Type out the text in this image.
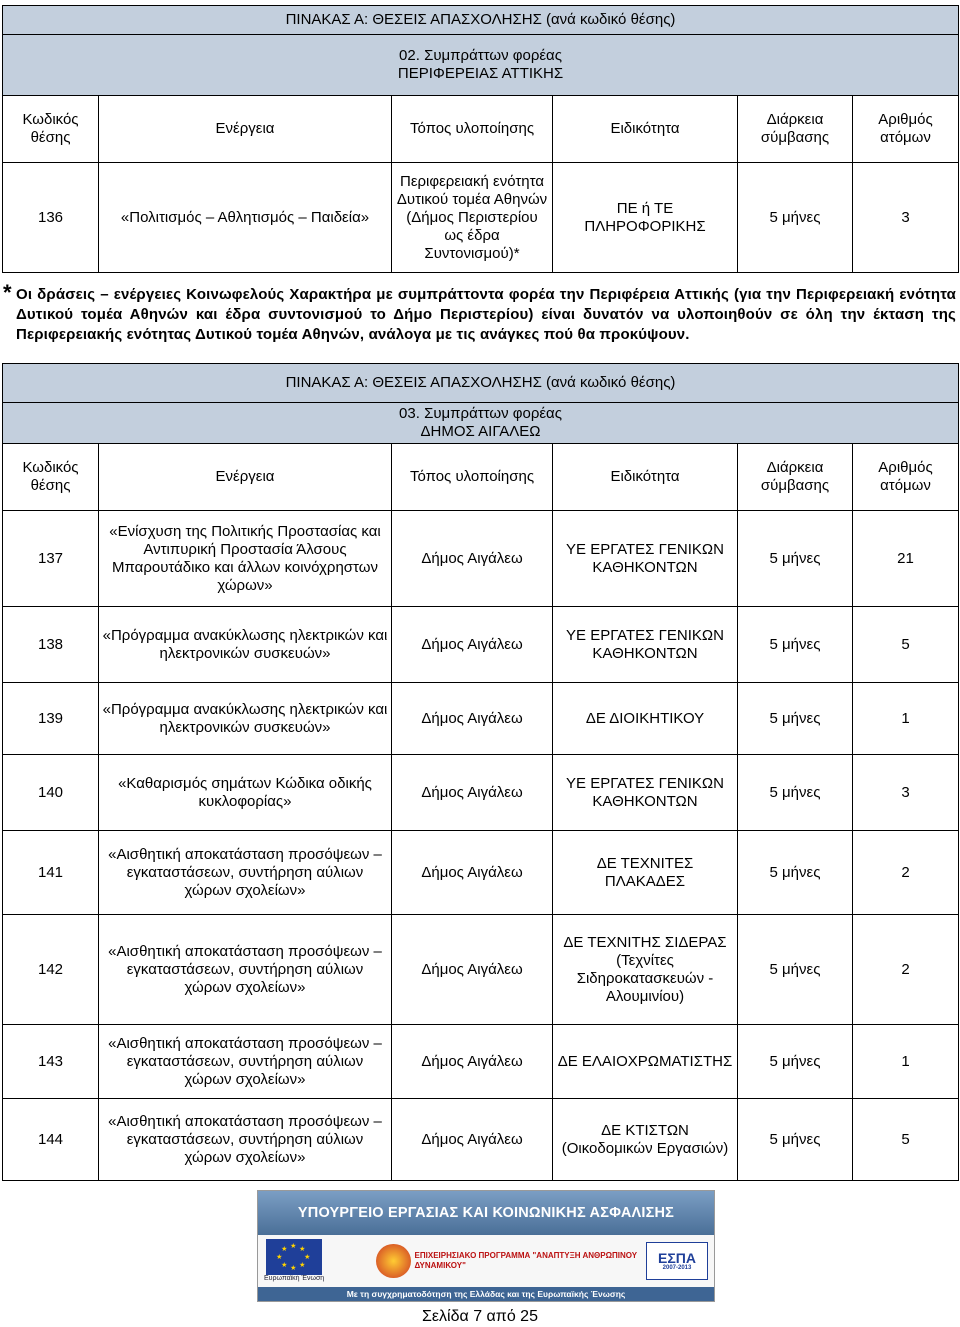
ΠΙΝΑΚΑΣ Α: ΘΕΣΕΙΣ ΑΠΑΣΧΟΛΗΣΗΣ (ανά κωδικό θέσης)					

02. Συμπράττων φορέας
ΠΕΡΙΦΕΡΕΙΑΣ ΑΤΤΙΚΗΣ					

Κωδικός θέσης	Ενέργεια	Τόπος υλοποίησης	Ειδικότητα	Διάρκεια σύμβασης	Αριθμός ατόμων
136	«Πολιτισμός – Αθλητισμός – Παιδεία»	Περιφερειακή ενότητα Δυτικού τομέα Αθηνών (Δήμος Περιστερίου ως έδρα Συντονισμού)*	ΠΕ ή ΤΕ ΠΛΗΡΟΦΟΡΙΚΗΣ	5 μήνες	3
* Οι δράσεις – ενέργειες Κοινωφελούς Χαρακτήρα με συμπράττοντα φορέα την Περιφέρεια Αττικής (για την Περιφερειακή ενότητα Δυτικού τομέα Αθηνών και έδρα συντονισμού το Δήμο Περιστερίου) είναι δυνατόν να υλοποιηθούν σε όλη την έκταση της Περιφερειακής ενότητας Δυτικού τομέα Αθηνών, ανάλογα με τις ανάγκες πού θα προκύψουν.
ΠΙΝΑΚΑΣ Α: ΘΕΣΕΙΣ ΑΠΑΣΧΟΛΗΣΗΣ (ανά κωδικό θέσης)					

03. Συμπράττων φορέας
ΔΗΜΟΣ ΑΙΓΑΛΕΩ					

Κωδικός θέσης	Ενέργεια	Τόπος υλοποίησης	Ειδικότητα	Διάρκεια σύμβασης	Αριθμός ατόμων
137	«Ενίσχυση της Πολιτικής Προστασίας και Αντιπυρική Προστασία Άλσους Μπαρουτάδικο και άλλων κοινόχρηστων χώρων»	Δήμος Αιγάλεω	ΥΕ ΕΡΓΑΤΕΣ ΓΕΝΙΚΩΝ ΚΑΘΗΚΟΝΤΩΝ	5 μήνες	21
138	«Πρόγραμμα ανακύκλωσης ηλεκτρικών και ηλεκτρονικών συσκευών»	Δήμος Αιγάλεω	ΥΕ ΕΡΓΑΤΕΣ ΓΕΝΙΚΩΝ ΚΑΘΗΚΟΝΤΩΝ	5 μήνες	5
139	«Πρόγραμμα ανακύκλωσης ηλεκτρικών και ηλεκτρονικών συσκευών»	Δήμος Αιγάλεω	ΔΕ ΔΙΟΙΚΗΤΙΚΟΥ	5 μήνες	1
140	«Καθαρισμός σημάτων Κώδικα οδικής κυκλοφορίας»	Δήμος Αιγάλεω	ΥΕ ΕΡΓΑΤΕΣ ΓΕΝΙΚΩΝ ΚΑΘΗΚΟΝΤΩΝ	5 μήνες	3
141	«Αισθητική αποκατάσταση προσόψεων – εγκαταστάσεων, συντήρηση αύλιων χώρων σχολείων»	Δήμος Αιγάλεω	ΔΕ ΤΕΧΝΙΤΕΣ ΠΛΑΚΑΔΕΣ	5 μήνες	2
142	«Αισθητική αποκατάσταση προσόψεων – εγκαταστάσεων, συντήρηση αύλιων χώρων σχολείων»	Δήμος Αιγάλεω	ΔΕ ΤΕΧΝΙΤΗΣ ΣΙΔΕΡΑΣ (Τεχνίτες Σιδηροκατασκευών - Αλουμινίου)	5 μήνες	2
143	«Αισθητική αποκατάσταση προσόψεων – εγκαταστάσεων, συντήρηση αύλιων χώρων σχολείων»	Δήμος Αιγάλεω	ΔΕ ΕΛΑΙΟΧΡΩΜΑΤΙΣΤΗΣ	5 μήνες	1
144	«Αισθητική αποκατάσταση προσόψεων – εγκαταστάσεων, συντήρηση αύλιων χώρων σχολείων»	Δήμος Αιγάλεω	ΔΕ ΚΤΙΣΤΩΝ (Οικοδομικών Εργασιών)	5 μήνες	5
ΥΠΟΥΡΓΕΙΟ ΕΡΓΑΣΙΑΣ ΚΑΙ ΚΟΙΝΩΝΙΚΗΣ ΑΣΦΑΛΙΣΗΣ
★ ★
★
★
★
★
★
★
Ευρωπαϊκή Ένωση
ΕΠΙΧΕΙΡΗΣΙΑΚΟ ΠΡΟΓΡΑΜΜΑ "ΑΝΑΠΤΥΞΗ ΑΝΘΡΩΠΙΝΟΥ ΔΥΝΑΜΙΚΟΥ"	ΕΣΠΑ
2007-2013
Με τη συγχρηματοδότηση της Ελλάδας και της Ευρωπαϊκής Ένωσης
Σελίδα 7 από 25
